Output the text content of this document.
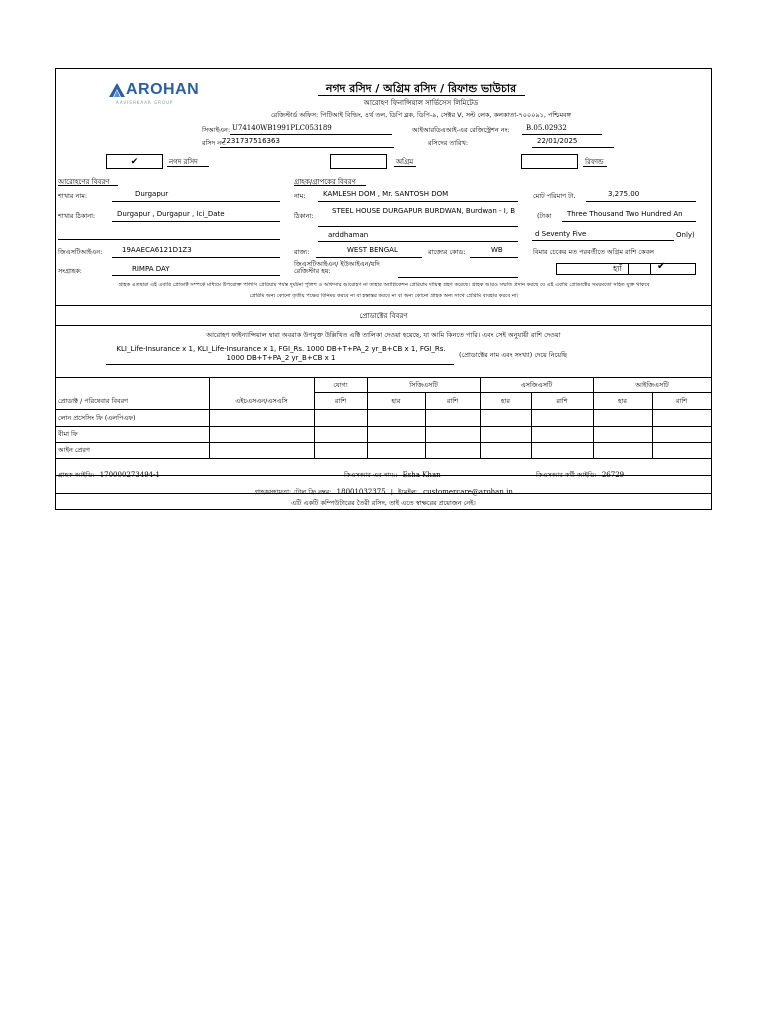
AROHAN
AAVISHKAAR GROUP
নগদ রসিদ / অগ্রিম রসিদ / রিফান্ড ভাউচার
আরোহণ ফিনান্সিয়াল সার্ভিসেস লিমিটেড
রেজিস্টার্ড অফিস: পিটিআই বিল্ডিং, ৪র্থ তল, ডিপি ব্লক, ডিপি-৯, সেক্টর V, সল্ট লেক, কলকাতা-৭০০০৯১, পশ্চিমবঙ্গ
সিআইএন: U74140WB1991PLC053189	আইআরডিএআই-এর রেজিস্ট্রেশন নং: B.05.02932
রসিদ নং:
7231737516363	রসিদের তারিখ:	22/01/2025
✔	নগদ রসিদ	অগ্রিম	রিফান্ড
আরোহণের বিবরণ	গ্রাহক/গ্রাপকের বিবরণ
শাখার নাম:	Durgapur
শাখার ঠিকানা:	Durgapur , Durgapur , Ici_Date
জিএসটিআইএন:	19AAECA6121D1Z3
সংগ্রাহক:	RIMPA DAY
নাম: KAMLESH DOM , Mr. SANTOSH DOM
ঠিকানা:
STEEL HOUSE DURGAPUR BURDWAN, Burdwan - I, B
arddhaman
রাজ্য:	WEST BENGAL	রাজ্যের কোড:	WB
জিএসটিআইএন/ ইউআইএন/যদি রেজিস্টার হয়:
মোট পরিমাণ টা.	3,275.00
(টাকা Three Thousand Two Hundred An
d Seventy Five	Only)
বিমার চেকের মত পরবর্তীতে অগ্রিম রাশি কেবল
হ্যাঁ	✔
গ্রাহক এতদ্বারা এই এবারি প্রোডাক্ট সম্পর্কে মাধ্যমে উপরোক্ত পলিসি প্রেরিয়াম পর্যন্ত দুর্ঘটনা পুলিশ ও অফিসার আরোহণ না তাহার অ্যাপ্লিকেশন প্রেরিয়াম দায়িত্ব গ্রহণ করেছে। গ্রাহক আরও সম্মতি প্রদান করছে যে এই এবারি প্রোডাক্টের সময়মতো সহিত যুক্ত থাকবে
প্রেরিমি অন্য কোনো তৃতীয় পক্ষের বিনিময় করবে না বা হস্তান্তর করবে না বা অন্য কোনো গ্রাহক অন্য সাথে প্রেরিমি ব্যবহার করবে না।
প্রোডাক্টের বিবরণ
আরোহণ ফাইন্যান্সিয়াল দ্বারা অবরাক উপযুক্ত উল্লিখিত এক্টি তালিকা দেওয়া হয়েছে, যা আমি কিনতে পারি। এবং সেই অনুযায়ী রাশি দেওয়া
KLI_Life-Insurance x 1, KLI_Life-Insurance x 1, FGI_Rs. 1000 DB+T+PA_2 yr_B+CB x 1, FGI_Rs.
1000 DB+T+PA_2 yr_B+CB x 1	(প্রোডাক্টের নাম এবং সংখ্যা) দেয়ে নিয়েছি
প্রোডাক্ট / পরিষেবার বিবরণ	এইচএসএন/এসএসি
যোগ্য
রাশি
সিজিএসটি	এসজিএসটি	আইজিএসটি
হার	রাশি	হার	রাশি	হার	রাশি
লোন প্রসেসিং ফি (এলপিএফ)
বীমা ফি
আইন প্রেরণ
গ্রাহক আইডি: 170000273494-1	কিএসআর-এর নাম:: Esha Khan	কিএসআর কর্মী আইডি: 26729
গ্রাহকসহায়তা: টোল ফ্রি নম্বর: 18001032375 | ইমেইল: customercare@arohan.in
এটি একটি কম্পিউটারের তৈরী রসিদ, তাই এতে স্বাক্ষরের প্রয়োজন নেই।
